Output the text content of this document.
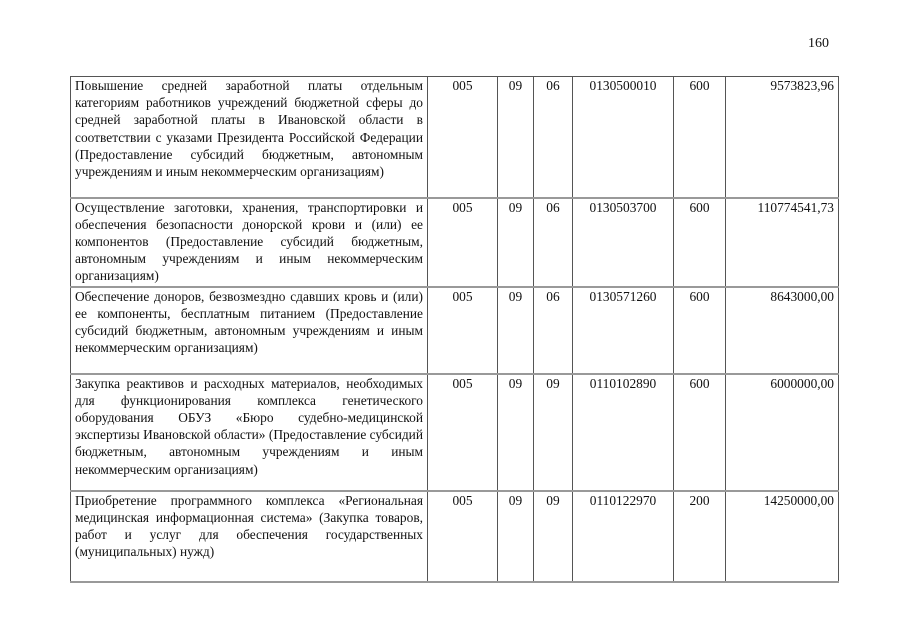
160
Повышение средней заработной платы отдельным категориям работников учреждений бюджетной сферы до средней заработной платы в Ивановской области в соответствии с указами Президента Российской Федерации (Предоставление субсидий бюджетным, автономным учреждениям и иным некоммерческим организациям)	005	09	06	0130500010	600	9573823,96
Осуществление заготовки, хранения, транспортировки и обеспечения безопасности донорской крови и (или) ее компонентов (Предоставление субсидий бюджетным, автономным учреждениям и иным некоммерческим организациям)	005	09	06	0130503700	600	110774541,73
Обеспечение доноров, безвозмездно сдавших кровь и (или) ее компоненты, бесплатным питанием (Предоставление субсидий бюджетным, автономным учреждениям и иным некоммерческим организациям)	005	09	06	0130571260	600	8643000,00
Закупка реактивов и расходных материалов, необходимых для функционирования комплекса генетического оборудования ОБУЗ «Бюро судебно-медицинской экспертизы Ивановской области» (Предоставление субсидий бюджетным, автономным учреждениям и иным некоммерческим организациям)	005	09	09	0110102890	600	6000000,00
Приобретение программного комплекса «Региональная медицинская информационная система» (Закупка товаров, работ и услуг для обеспечения государственных (муниципальных) нужд)	005	09	09	0110122970	200	14250000,00
